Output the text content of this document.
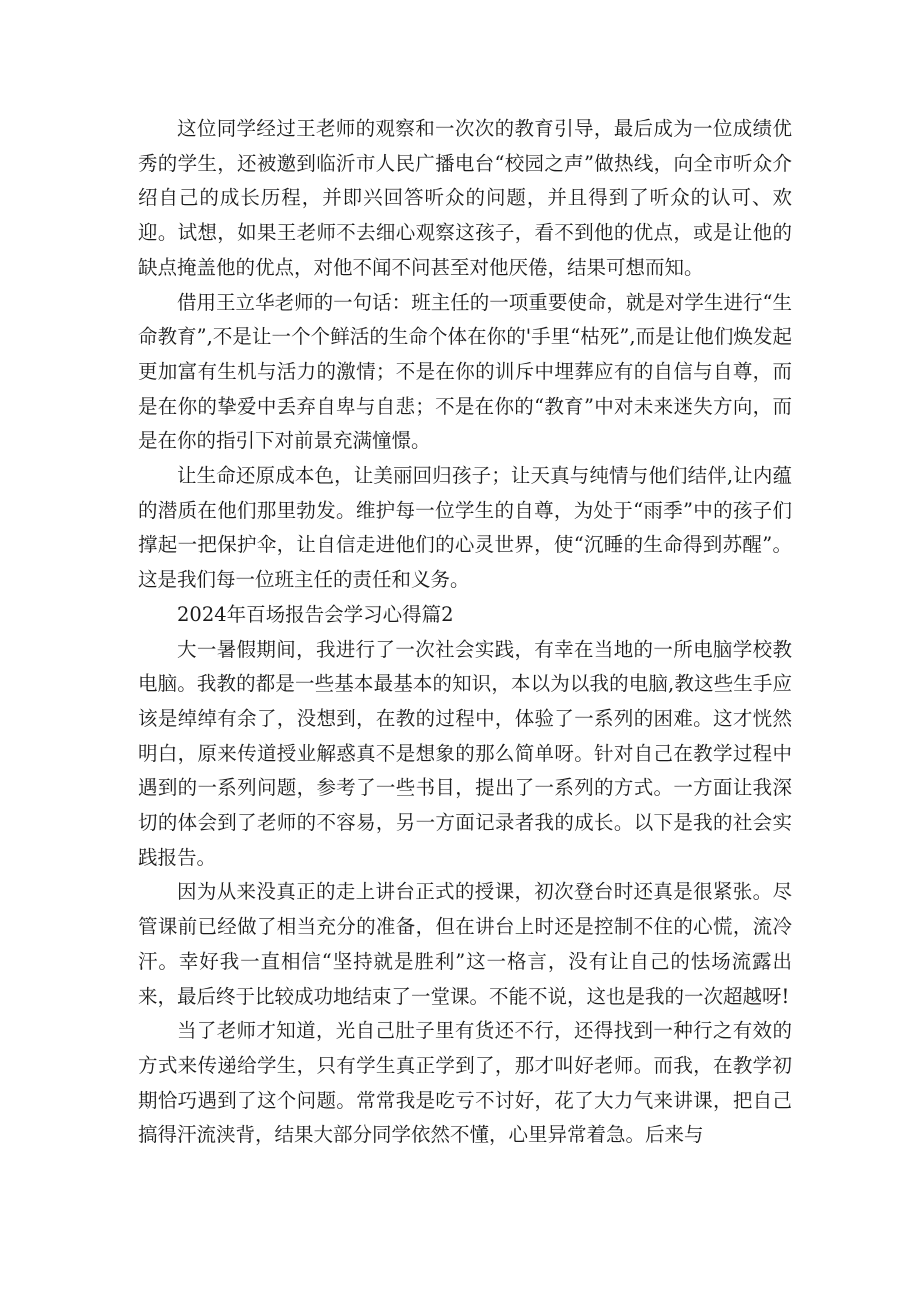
这位同学经过王老师的观察和一次次的教育引导，最后成为一位成绩优秀的学生，还被邀到临沂市人民广播电台“校园之声”做热线，向全市听众介绍自己的成长历程，并即兴回答听众的问题，并且得到了听众的认可、欢迎。试想，如果王老师不去细心观察这孩子，看不到他的优点，或是让他的缺点掩盖他的优点，对他不闻不问甚至对他厌倦，结果可想而知。

借用王立华老师的一句话：班主任的一项重要使命，就是对学生进行“生命教育”,不是让一个个鲜活的生命个体在你的'手里“枯死”,而是让他们焕发起更加富有生机与活力的激情；不是在你的训斥中埋葬应有的自信与自尊，而是在你的挚爱中丢弃自卑与自悲；不是在你的“教育”中对未来迷失方向，而是在你的指引下对前景充满憧憬。

让生命还原成本色，让美丽回归孩子；让天真与纯情与他们结伴,让内蕴的潜质在他们那里勃发。维护每一位学生的自尊，为处于“雨季”中的孩子们撑起一把保护伞，让自信走进他们的心灵世界，使“沉睡的生命得到苏醒”。这是我们每一位班主任的责任和义务。

2024年百场报告会学习心得篇2

大一暑假期间，我进行了一次社会实践，有幸在当地的一所电脑学校教电脑。我教的都是一些基本最基本的知识，本以为以我的电脑,教这些生手应该是绰绰有余了，没想到，在教的过程中，体验了一系列的困难。这才恍然明白，原来传道授业解惑真不是想象的那么简单呀。针对自己在教学过程中遇到的一系列问题，参考了一些书目，提出了一系列的方式。一方面让我深切的体会到了老师的不容易，另一方面记录者我的成长。以下是我的社会实践报告。

因为从来没真正的走上讲台正式的授课，初次登台时还真是很紧张。尽管课前已经做了相当充分的准备，但在讲台上时还是控制不住的心慌，流冷汗。幸好我一直相信“坚持就是胜利”这一格言，没有让自己的怯场流露出来，最后终于比较成功地结束了一堂课。不能不说，这也是我的一次超越呀!

当了老师才知道，光自己肚子里有货还不行，还得找到一种行之有效的方式来传递给学生，只有学生真正学到了，那才叫好老师。而我，在教学初期恰巧遇到了这个问题。常常我是吃亏不讨好，花了大力气来讲课，把自己搞得汗流浃背，结果大部分同学依然不懂，心里异常着急。后来与
